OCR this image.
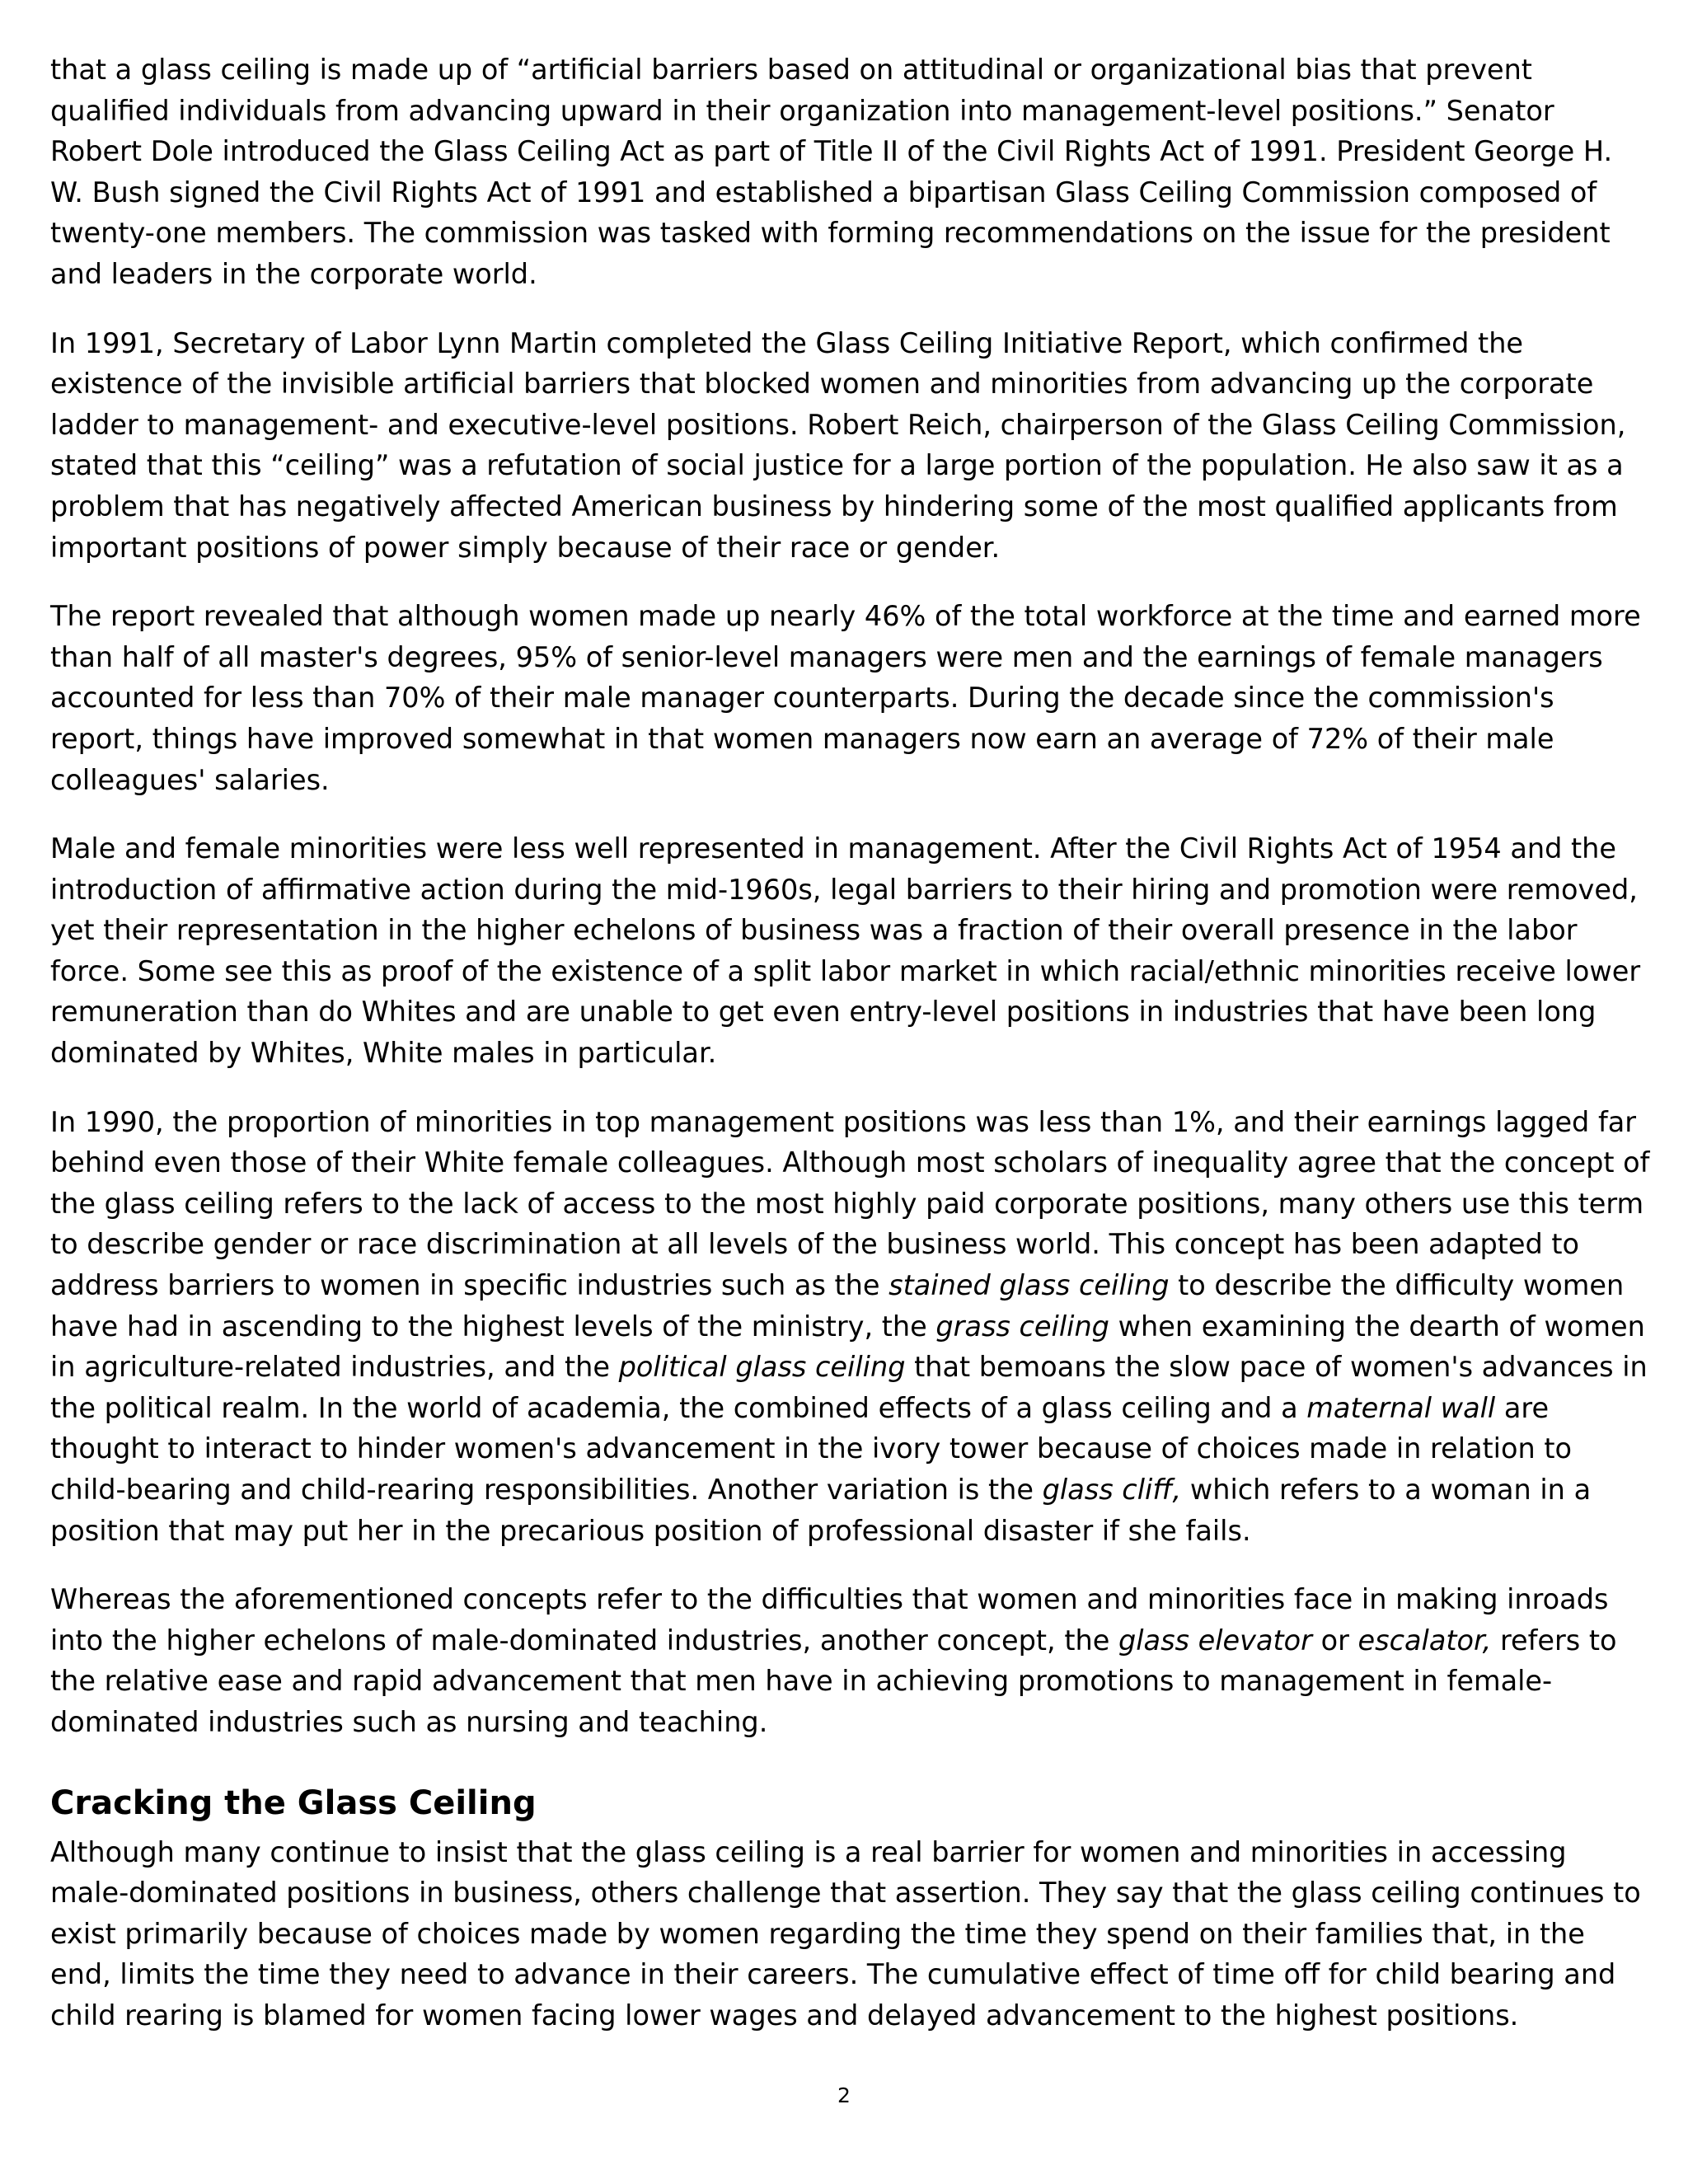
that a glass ceiling is made up of “artificial barriers based on attitudinal or organizational bias that prevent qualified individuals from advancing upward in their organization into management-level positions.” Senator Robert Dole introduced the Glass Ceiling Act as part of Title II of the Civil Rights Act of 1991. President George H. W. Bush signed the Civil Rights Act of 1991 and established a bipartisan Glass Ceiling Commission composed of twenty-one members. The commission was tasked with forming recommendations on the issue for the president and leaders in the corporate world.

In 1991, Secretary of Labor Lynn Martin completed the Glass Ceiling Initiative Report, which confirmed the existence of the invisible artificial barriers that blocked women and minorities from advancing up the corporate ladder to management- and executive-level positions. Robert Reich, chairperson of the Glass Ceiling Commission, stated that this “ceiling” was a refutation of social justice for a large portion of the population. He also saw it as a problem that has negatively affected American business by hindering some of the most qualified applicants from important positions of power simply because of their race or gender.

The report revealed that although women made up nearly 46% of the total workforce at the time and earned more than half of all master's degrees, 95% of senior-level managers were men and the earnings of female managers accounted for less than 70% of their male manager counterparts. During the decade since the commission's report, things have improved somewhat in that women managers now earn an average of 72% of their male colleagues' salaries.

Male and female minorities were less well represented in management. After the Civil Rights Act of 1954 and the introduction of affirmative action during the mid-1960s, legal barriers to their hiring and promotion were removed, yet their representation in the higher echelons of business was a fraction of their overall presence in the labor force. Some see this as proof of the existence of a split labor market in which racial/ethnic minorities receive lower remuneration than do Whites and are unable to get even entry-level positions in industries that have been long dominated by Whites, White males in particular.

In 1990, the proportion of minorities in top management positions was less than 1%, and their earnings lagged far behind even those of their White female colleagues. Although most scholars of inequality agree that the concept of the glass ceiling refers to the lack of access to the most highly paid corporate positions, many others use this term to describe gender or race discrimination at all levels of the business world. This concept has been adapted to address barriers to women in specific industries such as the stained glass ceiling to describe the difficulty women have had in ascending to the highest levels of the ministry, the grass ceiling when examining the dearth of women in agriculture-related industries, and the political glass ceiling that bemoans the slow pace of women's advances in the political realm. In the world of academia, the combined effects of a glass ceiling and a maternal wall are thought to interact to hinder women's advancement in the ivory tower because of choices made in relation to child-bearing and child-rearing responsibilities. Another variation is the glass cliff, which refers to a woman in a position that may put her in the precarious position of professional disaster if she fails.

Whereas the aforementioned concepts refer to the difficulties that women and minorities face in making inroads into the higher echelons of male-dominated industries, another concept, the glass elevator or escalator, refers to the relative ease and rapid advancement that men have in achieving promotions to management in female-dominated industries such as nursing and teaching.

Cracking the Glass Ceiling

Although many continue to insist that the glass ceiling is a real barrier for women and minorities in accessing male-dominated positions in business, others challenge that assertion. They say that the glass ceiling continues to exist primarily because of choices made by women regarding the time they spend on their families that, in the end, limits the time they need to advance in their careers. The cumulative effect of time off for child bearing and child rearing is blamed for women facing lower wages and delayed advancement to the highest positions.

2
